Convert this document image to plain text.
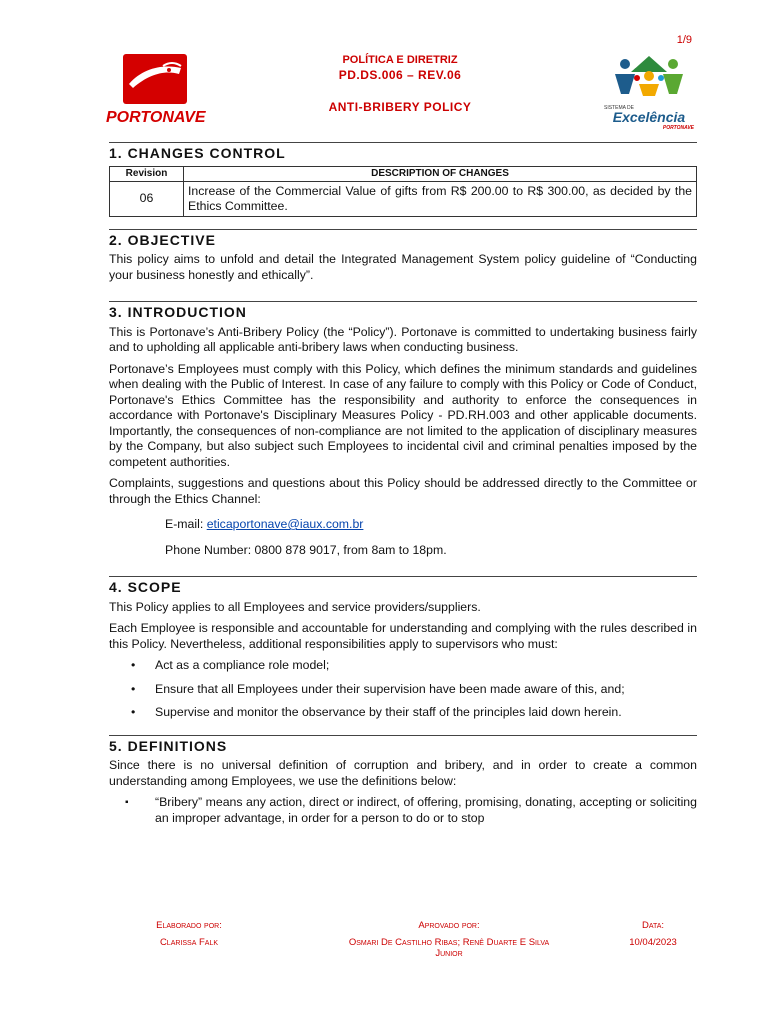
1/9
PORTONAVE
POLÍTICA E DIRETRIZ
PD.DS.006 – REV.06
ANTI-BRIBERY POLICY	SISTEMA DE
Excelência
PORTONAVE
1. CHANGES CONTROL
Revision	DESCRIPTION OF CHANGES
06	Increase of the Commercial Value of gifts from R$ 200.00 to R$ 300.00, as decided by the Ethics Committee.
2. OBJECTIVE

This policy aims to unfold and detail the Integrated Management System policy guideline of “Conducting your business honestly and ethically”.

3. INTRODUCTION

This is Portonave’s Anti-Bribery Policy (the “Policy”). Portonave is committed to undertaking business fairly and to upholding all applicable anti-bribery laws when conducting business.

Portonave’s Employees must comply with this Policy, which defines the minimum standards and guidelines when dealing with the Public of Interest. In case of any failure to comply with this Policy or Code of Conduct, Portonave's Ethics Committee has the responsibility and authority to enforce the consequences in accordance with Portonave's Disciplinary Measures Policy - PD.RH.003 and other applicable documents. Importantly, the consequences of non-compliance are not limited to the application of disciplinary measures by the Company, but also subject such Employees to incidental civil and criminal penalties imposed by the competent authorities.

Complaints, suggestions and questions about this Policy should be addressed directly to the Committee or through the Ethics Channel:

E-mail: eticaportonave@iaux.com.br
Phone Number: 0800 878 9017, from 8am to 18pm.
4. SCOPE

This Policy applies to all Employees and service providers/suppliers.

Each Employee is responsible and accountable for understanding and complying with the rules described in this Policy. Nevertheless, additional responsibilities apply to supervisors who must:

• Act as a compliance role model;
• Ensure that all Employees under their supervision have been made aware of this, and;
• Supervise and monitor the observance by their staff of the principles laid down herein.
5. DEFINITIONS

Since there is no universal definition of corruption and bribery, and in order to create a common understanding among Employees, we use the definitions below:

▪ “Bribery” means any action, direct or indirect, of offering, promising, donating, accepting or soliciting an improper advantage, in order for a person to do or to stop
Elaborado por:
Clarissa Falk
Aprovado por:
Osmari De Castilho Ribas; Renê Duarte E Silva
Junior
Data:
10/04/2023
